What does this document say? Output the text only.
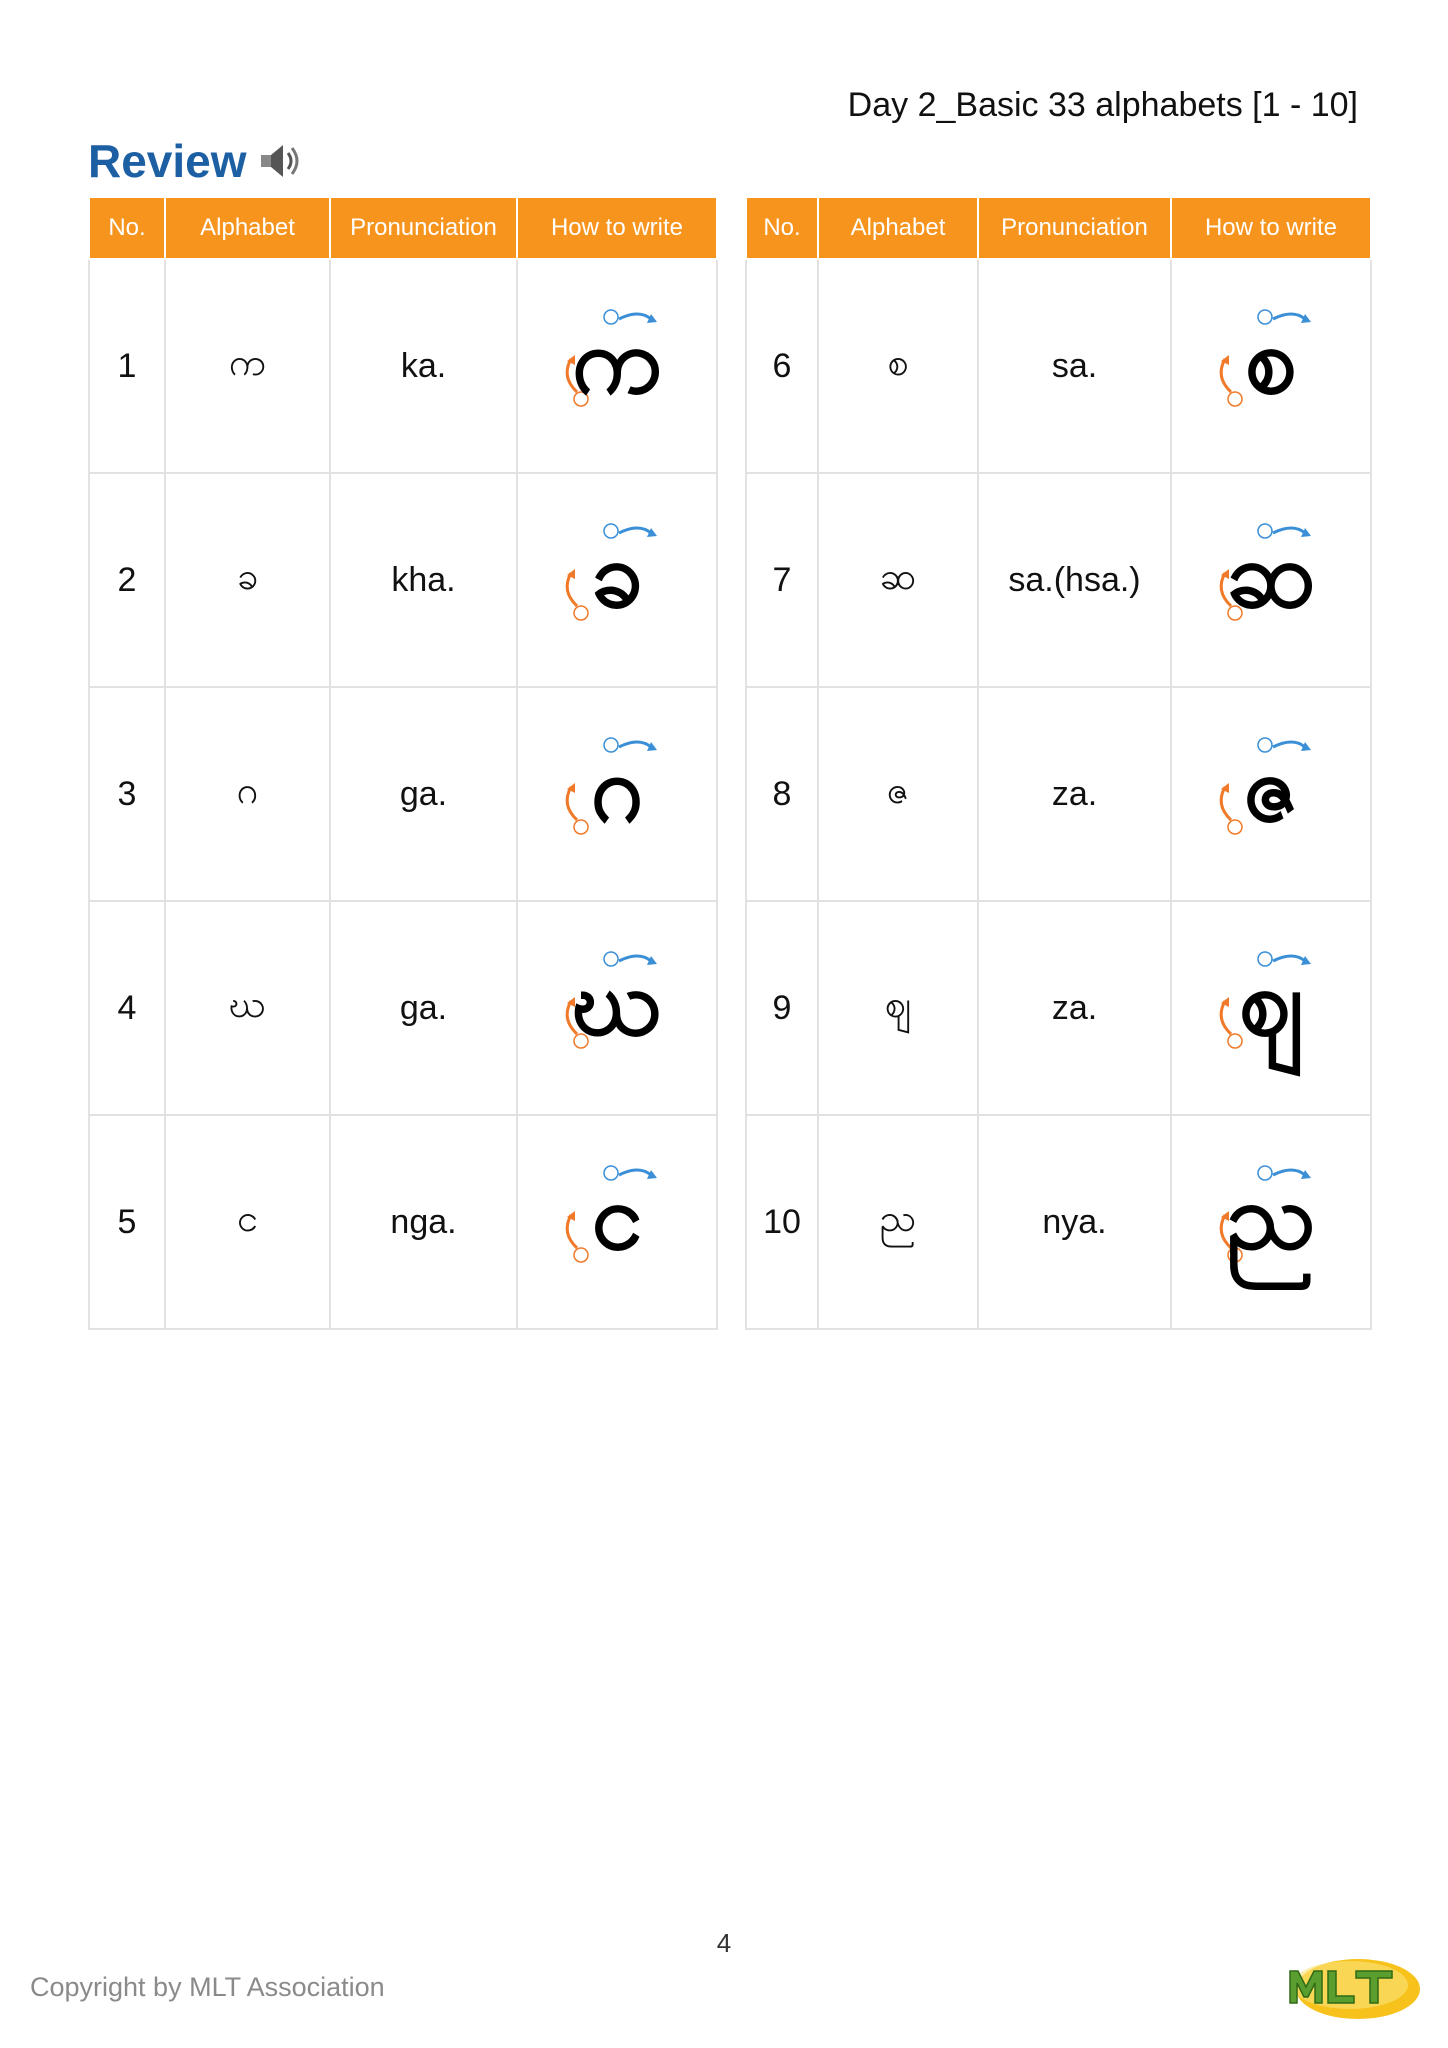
Day 2_Basic 33 alphabets [1 - 10]
Review
No.	Alphabet	Pronunciation	How to write
1	က	ka.	က

2	ခ	kha.	ခ

3	ဂ	ga.	ဂ

4	ဃ	ga.	ဃ

5	င	nga.	င
No.	Alphabet	Pronunciation	How to write
6	စ	sa.	စ

7	ဆ	sa.(hsa.)	ဆ

8	ဇ	za.	ဇ

9	ဈ	za.	ဈ

10	ည	nya.	ည
4
Copyright by MLT Association
